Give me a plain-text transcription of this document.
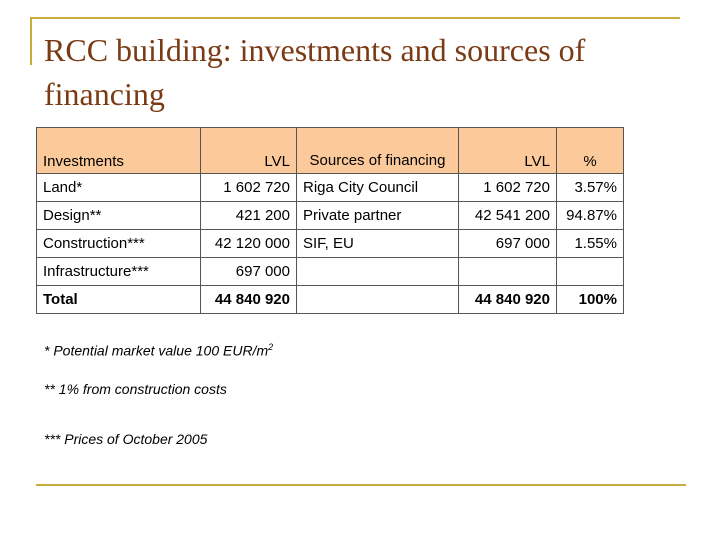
RCC building: investments and sources of financing
Investments	LVL	Sources of financing	LVL	%
Land*	1 602 720	Riga City Council	1 602 720	3.57%
Design**	421 200	Private partner	42 541 200	94.87%
Construction***	42 120 000	SIF, EU	697 000	1.55%
Infrastructure***	697 000			
Total	44 840 920		44 840 920	100%
* Potential market value 100 EUR/$m^2$
** 1% from construction costs
*** Prices of October 2005
